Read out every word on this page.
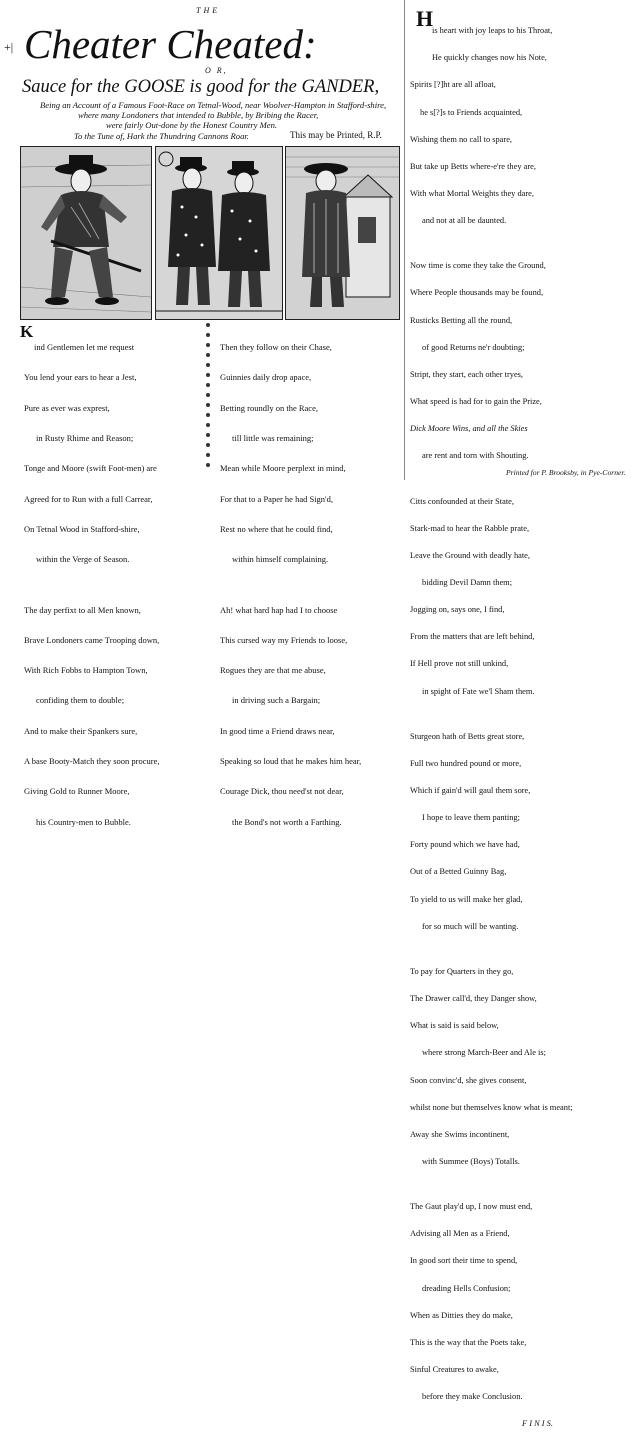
+|
THE
Cheater Cheated:
O R,
Sauce for the GOOSE is good for the GANDER,
Being an Account of a Famous Foot-Race on Tetnal-Wood, near Woolver-Hampton in Stafford-shire,
where many Londoners that intended to Bubble, by Bribing the Racer,
were fairly Out-done by the Honest Country Men.
To the Tune of, Hark the Thundring Cannons Roar.	This may be Printed, R.P.
K

ind Gentlemen let me request

You lend your ears to hear a Jest,

Pure as ever was exprest,

in Rusty Rhime and Reason;

Tonge and Moore (swift Foot-men) are

Agreed for to Run with a full Carrear,

On Tetnal Wood in Stafford-shire,

within the Verge of Season.

The day perfixt to all Men known,

Brave Londoners came Trooping down,

With Rich Fobbs to Hampton Town,

confiding them to double;

And to make their Spankers sure,

A base Booty-Match they soon procure,

Giving Gold to Runner Moore,

his Country-men to Bubble.

Then they follow on their Chase,

Guinnies daily drop apace,

Betting roundly on the Race,

till little was remaining;

Mean while Moore perplext in mind,

For that to a Paper he had Sign'd,

Rest no where that he could find,

within himself complaining.

Ah! what hard hap had I to choose

This cursed way my Friends to loose,

Rogues they are that me abuse,

in driving such a Bargain;

In good time a Friend draws near,

Speaking so loud that he makes him hear,

Courage Dick, thou need'st not dear,

the Bond's not worth a Farthing.

H

is heart with joy leaps to his Throat,

He quickly changes now his Note,

Spirits [?]ht are all afloat,

he s[?]s to Friends acquainted,

Wishing them no call to spare,

But take up Betts where-e're they are,

With what Mortal Weights they dare,

and not at all be daunted.

Now time is come they take the Ground,

Where People thousands may be found,

Rusticks Betting all the round,

of good Returns ne'r doubting;

Stript, they start, each other tryes,

What speed is had for to gain the Prize,

Dick Moore Wins, and all the Skies

are rent and torn with Shouting.

Citts confounded at their State,

Stark-mad to hear the Rabble prate,

Leave the Ground with deadly hate,

bidding Devil Damn them;

Jogging on, says one, I find,

From the matters that are left behind,

If Hell prove not still unkind,

in spight of Fate we'l Sham them.

Sturgeon hath of Betts great store,

Full two hundred pound or more,

Which if gain'd will gaul them sore,

I hope to leave them panting;

Forty pound which we have had,

Out of a Betted Guinny Bag,

To yield to us will make her glad,

for so much will be wanting.

To pay for Quarters in they go,

The Drawer call'd, they Danger show,

What is said is said below,

where strong March-Beer and Ale is;

Soon convinc'd, she gives consent,

whilst none but themselves know what is meant;

Away she Swims incontinent,

with Summee (Boys) Totalls.

The Gaut play'd up, I now must end,

Advising all Men as a Friend,

In good sort their time to spend,

dreading Hells Confusion;

When as Ditties they do make,

This is the way that the Poets take,

Sinful Creatures to awake,

before they make Conclusion.

F I N I S.

Printed for P. Brooksby, in Pye-Corner.
